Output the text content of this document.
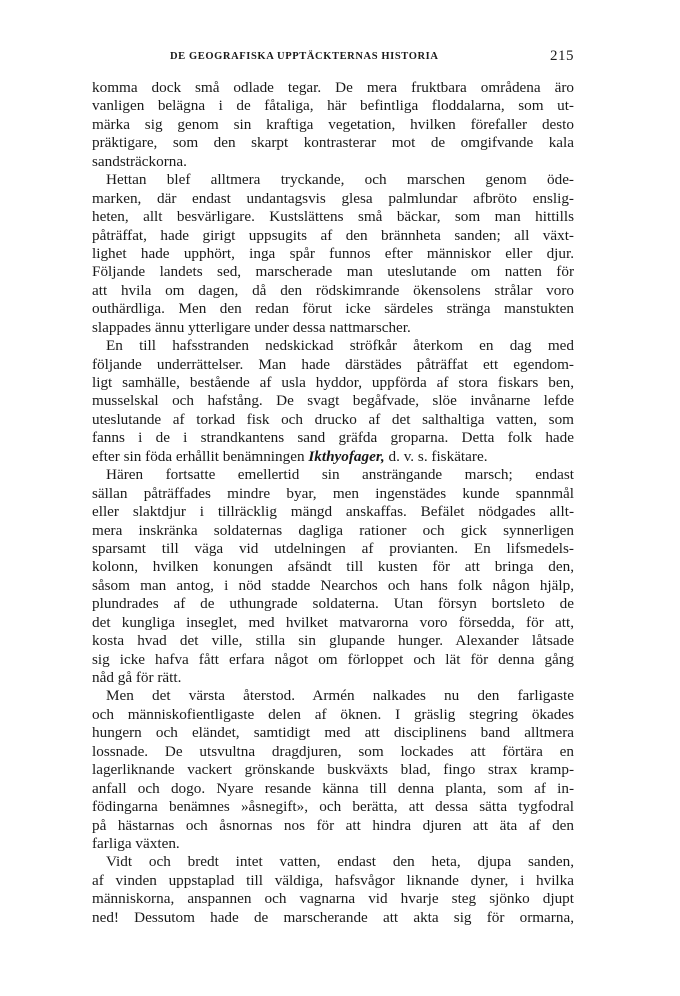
DE GEOGRAFISKA UPPTÄCKTERNAS HISTORIA	215
komma dock små odlade tegar. De mera fruktbara områdena äro
vanligen belägna i de fåtaliga, här befintliga floddalarna, som ut-
märka sig genom sin kraftiga vegetation, hvilken förefaller desto
präktigare, som den skarpt kontrasterar mot de omgifvande kala
sandsträckorna.
Hettan blef alltmera tryckande, och marschen genom öde-
marken, där endast undantagsvis glesa palmlundar afbröto enslig-
heten, allt besvärligare. Kustslättens små bäckar, som man hittills
påträffat, hade girigt uppsugits af den brännheta sanden; all växt-
lighet hade upphört, inga spår funnos efter människor eller djur.
Följande landets sed, marscherade man uteslutande om natten för
att hvila om dagen, då den rödskimrande ökensolens strålar voro
outhärdliga. Men den redan förut icke särdeles stränga manstukten
slappades ännu ytterligare under dessa nattmarscher.
En till hafsstranden nedskickad ströfkår återkom en dag med
följande underrättelser. Man hade därstädes påträffat ett egendom-
ligt samhälle, bestående af usla hyddor, uppförda af stora fiskars ben,
musselskal och hafstång. De svagt begåfvade, slöe invånarne lefde
uteslutande af torkad fisk och drucko af det salthaltiga vatten, som
fanns i de i strandkantens sand gräfda groparna. Detta folk hade
efter sin föda erhållit benämningen Ikthyofager, d. v. s. fiskätare.
Hären fortsatte emellertid sin ansträngande marsch; endast
sällan påträffades mindre byar, men ingenstädes kunde spannmål
eller slaktdjur i tillräcklig mängd anskaffas. Befälet nödgades allt-
mera inskränka soldaternas dagliga rationer och gick synnerligen
sparsamt till väga vid utdelningen af provianten. En lifsmedels-
kolonn, hvilken konungen afsändt till kusten för att bringa den,
såsom man antog, i nöd stadde Nearchos och hans folk någon hjälp,
plundrades af de uthungrade soldaterna. Utan försyn bortsleto de
det kungliga inseglet, med hvilket matvarorna voro försedda, för att,
kosta hvad det ville, stilla sin glupande hunger. Alexander låtsade
sig icke hafva fått erfara något om förloppet och lät för denna gång
nåd gå för rätt.
Men det värsta återstod. Armén nalkades nu den farligaste
och människofientligaste delen af öknen. I gräslig stegring ökades
hungern och eländet, samtidigt med att disciplinens band alltmera
lossnade. De utsvultna dragdjuren, som lockades att förtära en
lagerliknande vackert grönskande buskväxts blad, fingo strax kramp-
anfall och dogo. Nyare resande känna till denna planta, som af in-
födingarna benämnes »åsnegift», och berätta, att dessa sätta tygfodral
på hästarnas och åsnornas nos för att hindra djuren att äta af den
farliga växten.
Vidt och bredt intet vatten, endast den heta, djupa sanden,
af vinden uppstaplad till väldiga, hafsvågor liknande dyner, i hvilka
människorna, anspannen och vagnarna vid hvarje steg sjönko djupt
ned! Dessutom hade de marscherande att akta sig för ormarna,
